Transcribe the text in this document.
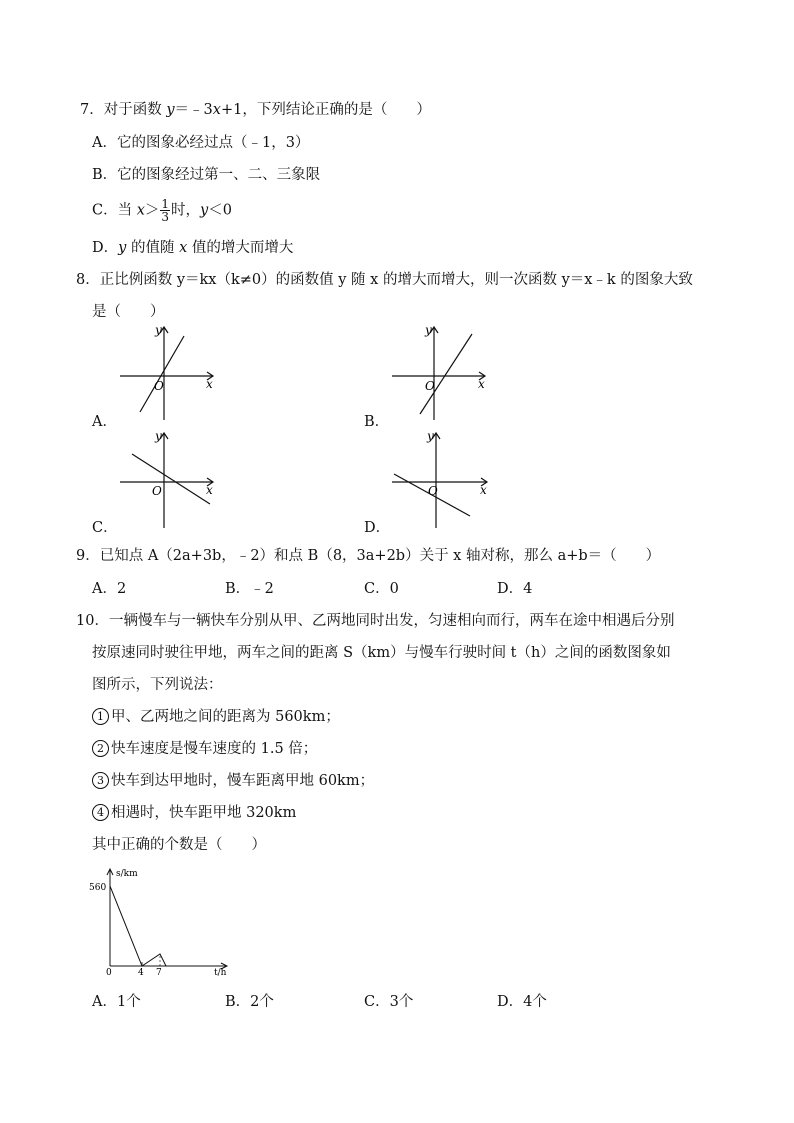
7．对于函数 y＝﹣3x+1，下列结论正确的是（　　）
A．它的图象必经过点（﹣1，3）
B．它的图象经过第一、二、三象限
C．当 $x> \frac{1}{3}$ 时，y＜0
D．y 的值随 x 值的增大而增大
8．正比例函数 y＝kx（k≠0）的函数值 y 随 x 的增大而增大，则一次函数 y＝x﹣k 的图象大致
是（　　）
A．
O	x
y
B．
O	x
y
C．
O	x
y
D．
O	x
y
9．已知点 A（2a+3b，﹣2）和点 B（8，3a+2b）关于 x 轴对称，那么 a+b＝（　　）
A．2	B．﹣2	C．0	D．4
10．一辆慢车与一辆快车分别从甲、乙两地同时出发，匀速相向而行，两车在途中相遇后分别
按原速同时驶往甲地，两车之间的距离 S（km）与慢车行驶时间 t（h）之间的函数图象如
图所示，下列说法：
1 甲、乙两地之间的距离为 560km；
2 快车速度是慢车速度的 1.5 倍；
3 快车到达甲地时，慢车距离甲地 60km；
4 相遇时，快车距甲地 320km
其中正确的个数是（　　）
s/km
560
0	4 7	t/h
A．1个	B．2个	C．3个	D．4个
